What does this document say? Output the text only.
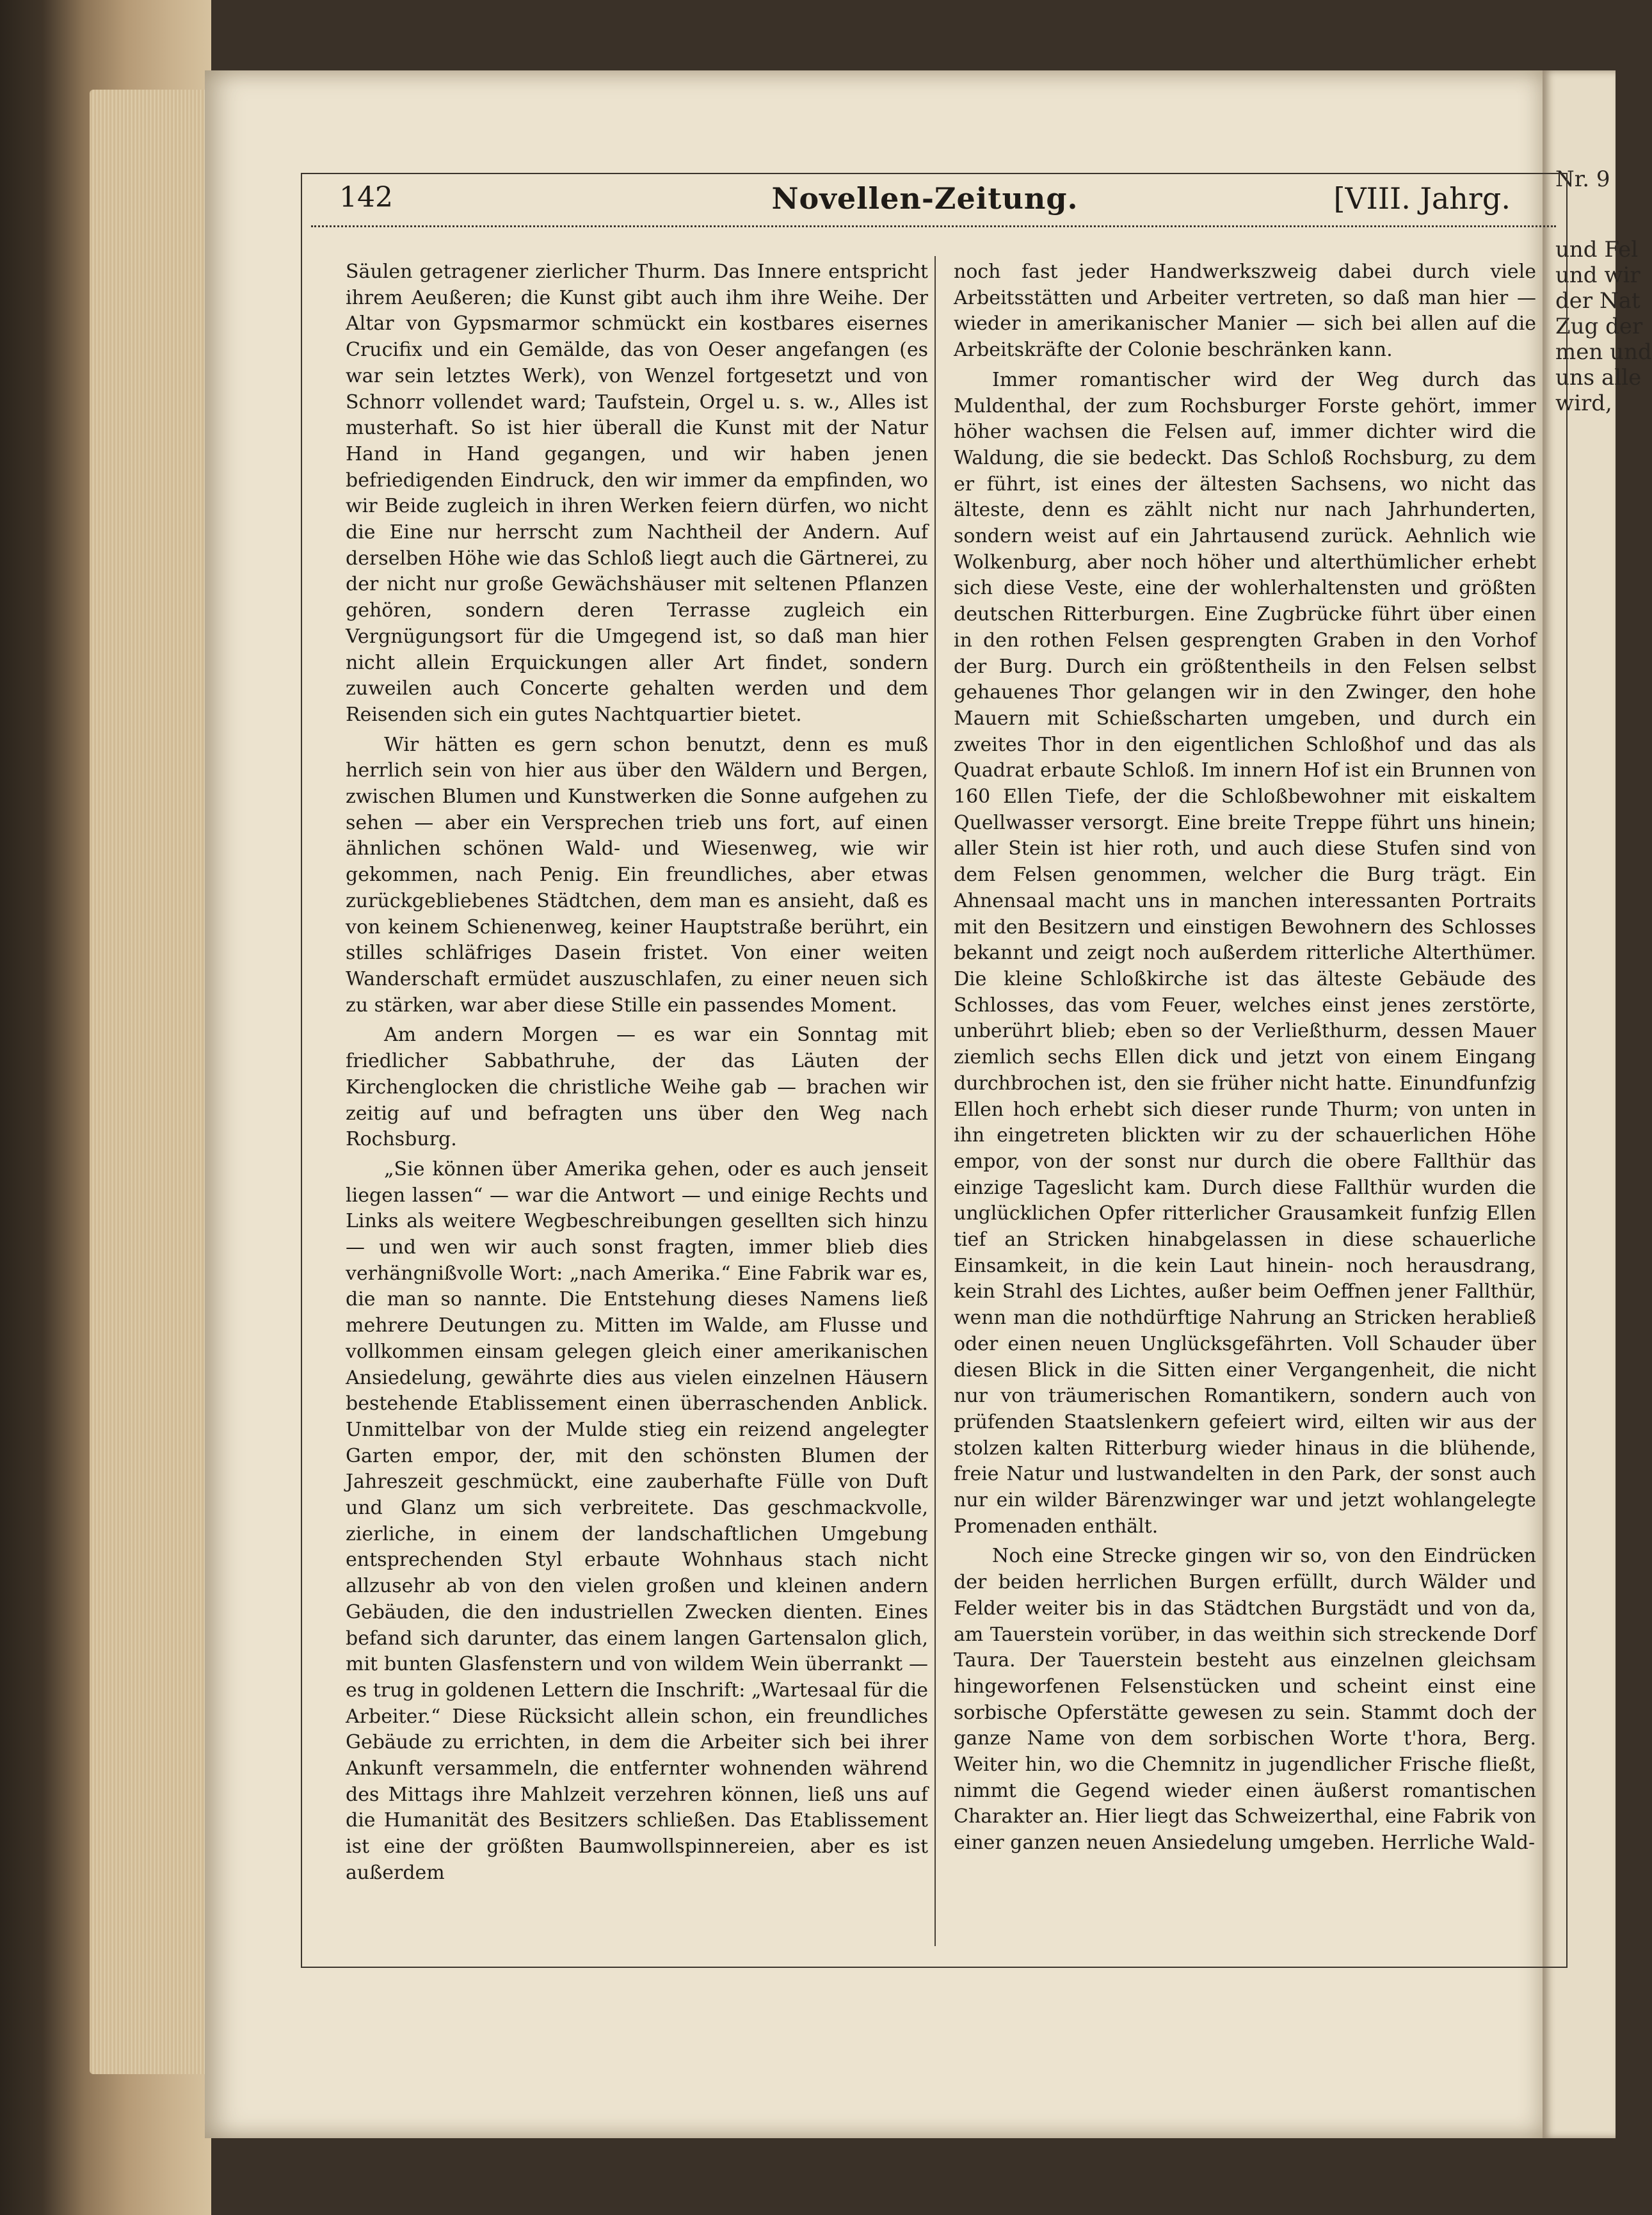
Nr. 9
und Fel
und wir
der Nat
Zug der
men und
uns alle
wird,
142	Novellen-Zeitung.	[VIII. Jahrg.

Säulen getragener zierlicher Thurm. Das Innere entspricht ihrem Aeußeren; die Kunst gibt auch ihm ihre Weihe. Der Altar von Gypsmarmor schmückt ein kostbares eisernes Crucifix und ein Gemälde, das von Oeser angefangen (es war sein letztes Werk), von Wenzel fortgesetzt und von Schnorr vollendet ward; Taufstein, Orgel u. s. w., Alles ist musterhaft. So ist hier überall die Kunst mit der Natur Hand in Hand gegangen, und wir haben jenen befriedigenden Eindruck, den wir immer da empfinden, wo wir Beide zugleich in ihren Werken feiern dürfen, wo nicht die Eine nur herrscht zum Nachtheil der Andern. Auf derselben Höhe wie das Schloß liegt auch die Gärtnerei, zu der nicht nur große Gewächshäuser mit seltenen Pflanzen gehören, sondern deren Terrasse zugleich ein Vergnügungsort für die Umgegend ist, so daß man hier nicht allein Erquickungen aller Art findet, sondern zuweilen auch Concerte gehalten werden und dem Reisenden sich ein gutes Nachtquartier bietet.

Wir hätten es gern schon benutzt, denn es muß herrlich sein von hier aus über den Wäldern und Bergen, zwischen Blumen und Kunstwerken die Sonne aufgehen zu sehen — aber ein Versprechen trieb uns fort, auf einen ähnlichen schönen Wald- und Wiesenweg, wie wir gekommen, nach Penig. Ein freundliches, aber etwas zurückgebliebenes Städtchen, dem man es ansieht, daß es von keinem Schienenweg, keiner Hauptstraße berührt, ein stilles schläfriges Dasein fristet. Von einer weiten Wanderschaft ermüdet auszuschlafen, zu einer neuen sich zu stärken, war aber diese Stille ein passendes Moment.

Am andern Morgen — es war ein Sonntag mit friedlicher Sabbathruhe, der das Läuten der Kirchenglocken die christliche Weihe gab — brachen wir zeitig auf und befragten uns über den Weg nach Rochsburg.

„Sie können über Amerika gehen, oder es auch jenseit liegen lassen“ — war die Antwort — und einige Rechts und Links als weitere Wegbeschreibungen gesellten sich hinzu — und wen wir auch sonst fragten, immer blieb dies verhängnißvolle Wort: „nach Amerika.“ Eine Fabrik war es, die man so nannte. Die Entstehung dieses Namens ließ mehrere Deutungen zu. Mitten im Walde, am Flusse und vollkommen einsam gelegen gleich einer amerikanischen Ansiedelung, gewährte dies aus vielen einzelnen Häusern bestehende Etablissement einen überraschenden Anblick. Unmittelbar von der Mulde stieg ein reizend angelegter Garten empor, der, mit den schönsten Blumen der Jahreszeit geschmückt, eine zauberhafte Fülle von Duft und Glanz um sich verbreitete. Das geschmackvolle, zierliche, in einem der landschaftlichen Umgebung entsprechenden Styl erbaute Wohnhaus stach nicht allzusehr ab von den vielen großen und kleinen andern Gebäuden, die den industriellen Zwecken dienten. Eines befand sich darunter, das einem langen Gartensalon glich, mit bunten Glasfenstern und von wildem Wein überrankt — es trug in goldenen Lettern die Inschrift: „Wartesaal für die Arbeiter.“ Diese Rücksicht allein schon, ein freundliches Gebäude zu errichten, in dem die Arbeiter sich bei ihrer Ankunft versammeln, die entfernter wohnenden während des Mittags ihre Mahlzeit verzehren können, ließ uns auf die Humanität des Besitzers schließen. Das Etablissement ist eine der größten Baumwollspinnereien, aber es ist außerdem

noch fast jeder Handwerkszweig dabei durch viele Arbeitsstätten und Arbeiter vertreten, so daß man hier — wieder in amerikanischer Manier — sich bei allen auf die Arbeitskräfte der Colonie beschränken kann.

Immer romantischer wird der Weg durch das Muldenthal, der zum Rochsburger Forste gehört, immer höher wachsen die Felsen auf, immer dichter wird die Waldung, die sie bedeckt. Das Schloß Rochsburg, zu dem er führt, ist eines der ältesten Sachsens, wo nicht das älteste, denn es zählt nicht nur nach Jahrhunderten, sondern weist auf ein Jahrtausend zurück. Aehnlich wie Wolkenburg, aber noch höher und alterthümlicher erhebt sich diese Veste, eine der wohlerhaltensten und größten deutschen Ritterburgen. Eine Zugbrücke führt über einen in den rothen Felsen gesprengten Graben in den Vorhof der Burg. Durch ein größtentheils in den Felsen selbst gehauenes Thor gelangen wir in den Zwinger, den hohe Mauern mit Schießscharten umgeben, und durch ein zweites Thor in den eigentlichen Schloßhof und das als Quadrat erbaute Schloß. Im innern Hof ist ein Brunnen von 160 Ellen Tiefe, der die Schloßbewohner mit eiskaltem Quellwasser versorgt. Eine breite Treppe führt uns hinein; aller Stein ist hier roth, und auch diese Stufen sind von dem Felsen genommen, welcher die Burg trägt. Ein Ahnensaal macht uns in manchen interessanten Portraits mit den Besitzern und einstigen Bewohnern des Schlosses bekannt und zeigt noch außerdem ritterliche Alterthümer. Die kleine Schloßkirche ist das älteste Gebäude des Schlosses, das vom Feuer, welches einst jenes zerstörte, unberührt blieb; eben so der Verließthurm, dessen Mauer ziemlich sechs Ellen dick und jetzt von einem Eingang durchbrochen ist, den sie früher nicht hatte. Einundfunfzig Ellen hoch erhebt sich dieser runde Thurm; von unten in ihn eingetreten blickten wir zu der schauerlichen Höhe empor, von der sonst nur durch die obere Fallthür das einzige Tageslicht kam. Durch diese Fallthür wurden die unglücklichen Opfer ritterlicher Grausamkeit funfzig Ellen tief an Stricken hinabgelassen in diese schauerliche Einsamkeit, in die kein Laut hinein- noch herausdrang, kein Strahl des Lichtes, außer beim Oeffnen jener Fallthür, wenn man die nothdürftige Nahrung an Stricken herabließ oder einen neuen Unglücksgefährten. Voll Schauder über diesen Blick in die Sitten einer Vergangenheit, die nicht nur von träumerischen Romantikern, sondern auch von prüfenden Staatslenkern gefeiert wird, eilten wir aus der stolzen kalten Ritterburg wieder hinaus in die blühende, freie Natur und lustwandelten in den Park, der sonst auch nur ein wilder Bärenzwinger war und jetzt wohlangelegte Promenaden enthält.

Noch eine Strecke gingen wir so, von den Eindrücken der beiden herrlichen Burgen erfüllt, durch Wälder und Felder weiter bis in das Städtchen Burgstädt und von da, am Tauerstein vorüber, in das weithin sich streckende Dorf Taura. Der Tauerstein besteht aus einzelnen gleichsam hingeworfenen Felsenstücken und scheint einst eine sorbische Opferstätte gewesen zu sein. Stammt doch der ganze Name von dem sorbischen Worte t'hora, Berg. Weiter hin, wo die Chemnitz in jugendlicher Frische fließt, nimmt die Gegend wieder einen äußerst romantischen Charakter an. Hier liegt das Schweizerthal, eine Fabrik von einer ganzen neuen Ansiedelung umgeben. Herrliche Wald-
